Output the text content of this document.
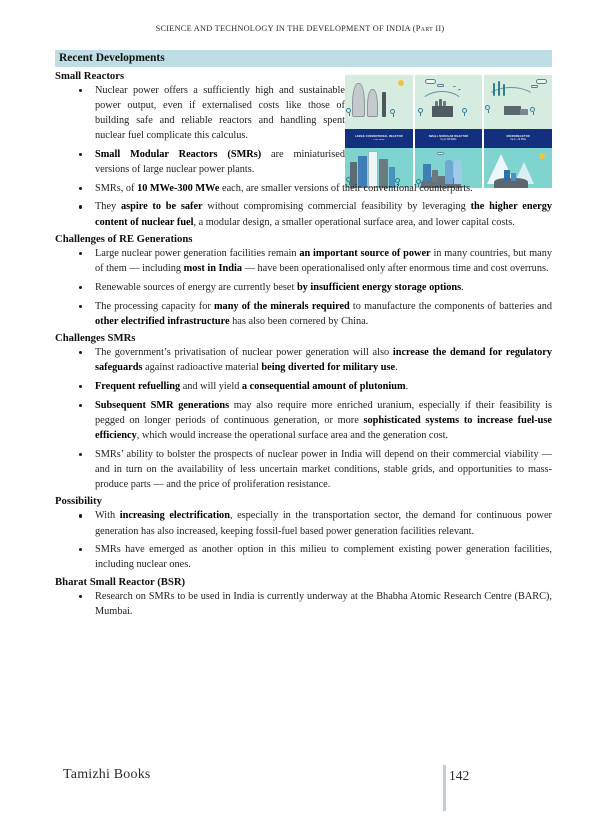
SCIENCE AND TECHNOLOGY IN THE DEVELOPMENT OF INDIA (Part II)
LARGE CONVENTIONAL REACTOR
700+ MWe
SMALL MODULAR REACTOR
Up to 300 MWe
MICROREACTOR
Up to ~10 MWe
Recent Developments
Small Reactors
Nuclear power offers a sufficiently high and sustainable power output, even if externalised costs like those of building safe and reliable reactors and handling spent nuclear fuel complicate this calculus.
Small Modular Reactors (SMRs) are miniaturised versions of large nuclear power plants.
SMRs, of 10 MWe-300 MWe each, are smaller versions of their conventional counterparts.
They aspire to be safer without compromising commercial feasibility by leveraging the higher energy content of nuclear fuel, a modular design, a smaller operational surface area, and lower capital costs.
Challenges of RE Generations
Large nuclear power generation facilities remain an important source of power in many countries, but many of them — including most in India — have been operationalised only after enormous time and cost overruns.
Renewable sources of energy are currently beset by insufficient energy storage options.
The processing capacity for many of the minerals required to manufacture the components of batteries and other electrified infrastructure has also been cornered by China.
Challenges SMRs
The government’s privatisation of nuclear power generation will also increase the demand for regulatory safeguards against radioactive material being diverted for military use.
Frequent refuelling and will yield a consequential amount of plutonium.
Subsequent SMR generations may also require more enriched uranium, especially if their feasibility is pegged on longer periods of continuous generation, or more sophisticated systems to increase fuel-use efficiency, which would increase the operational surface area and the generation cost.
SMRs’ ability to bolster the prospects of nuclear power in India will depend on their commercial viability — and in turn on the availability of less uncertain market conditions, stable grids, and opportunities to mass-produce parts — and the price of proliferation resistance.
Possibility
With increasing electrification, especially in the transportation sector, the demand for continuous power generation has also increased, keeping fossil-fuel based power generation facilities relevant.
SMRs have emerged as another option in this milieu to complement existing power generation facilities, including nuclear ones.
Bharat Small Reactor (BSR)
Research on SMRs to be used in India is currently underway at the Bhabha Atomic Research Centre (BARC), Mumbai.
Tamizhi Books	142
